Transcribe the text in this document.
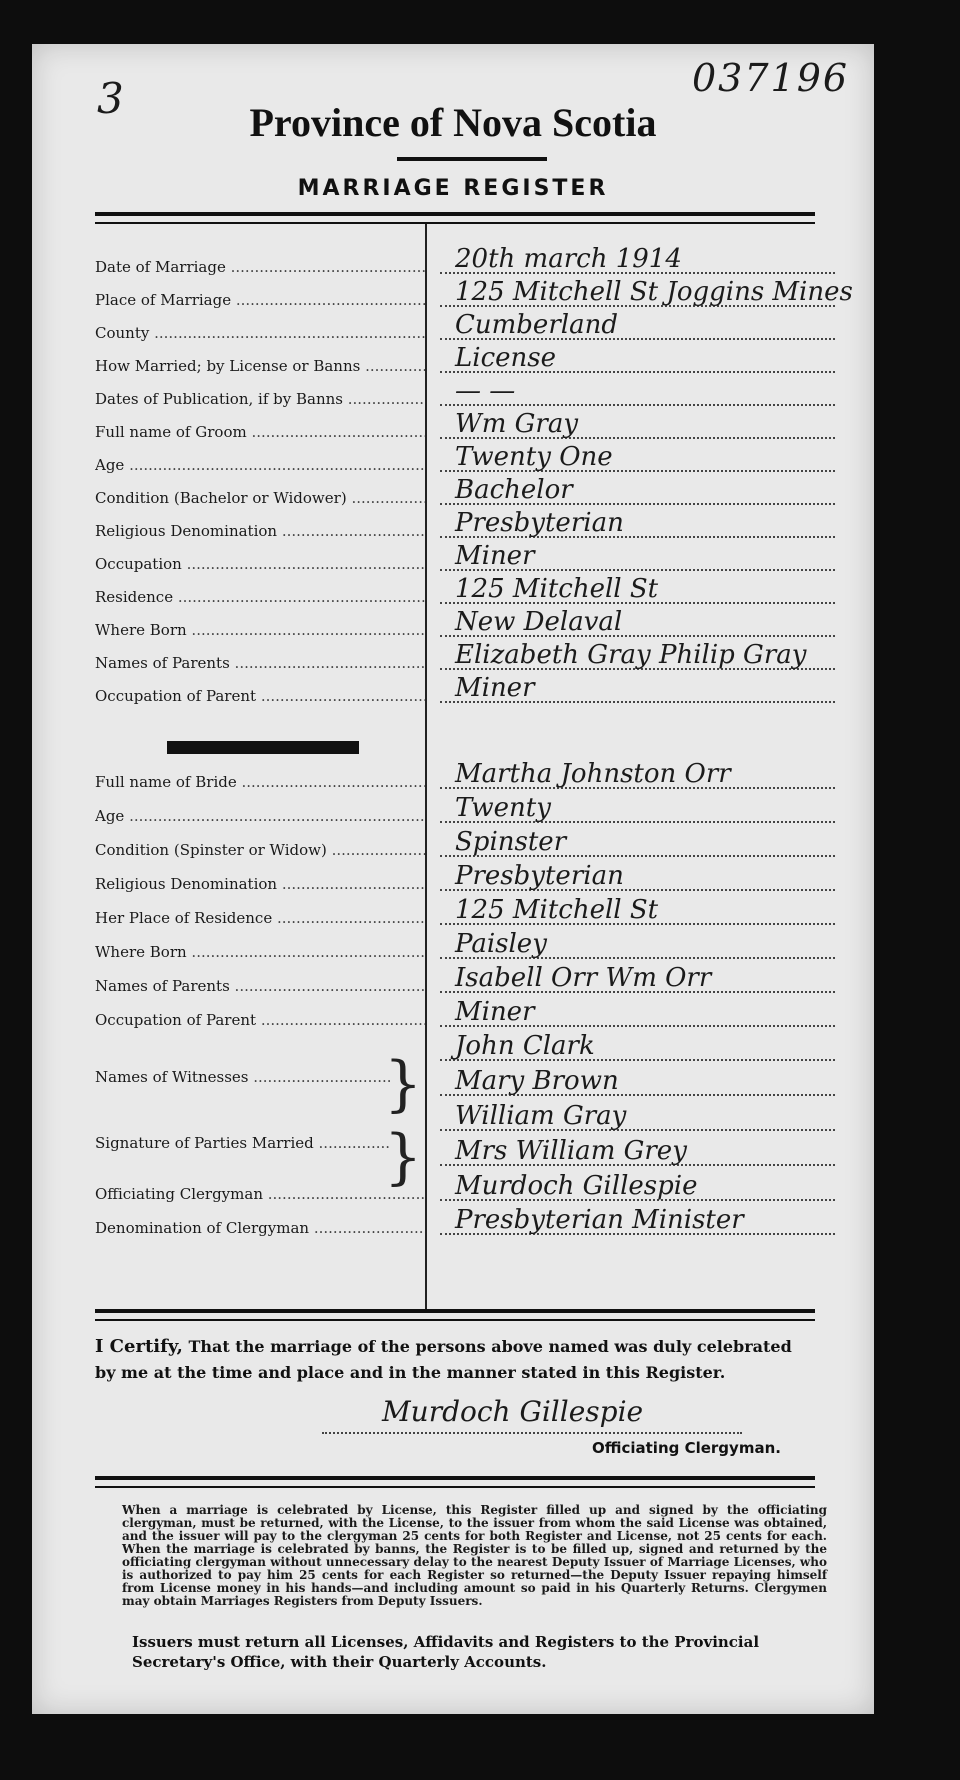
3	037196
Province of Nova Scotia
MARRIAGE REGISTER
Date of Marriage .....	20th march 1914
Place of Marriage .....	125 Mitchell St Joggins Mines
County .....	Cumberland
How Married; by License or Banns .....	License
Dates of Publication, if by Banns .....	— —
Full name of Groom .....	Wm Gray
Age .....	Twenty One
Condition (Bachelor or Widower) .....	Bachelor
Religious Denomination .....	Presbyterian
Occupation .....	Miner
Residence .....	125 Mitchell St
Where Born .....	New Delaval
Names of Parents .....	Elizabeth Gray Philip Gray
Occupation of Parent .....	Miner
Full name of Bride .....	Martha Johnston Orr
Age .....	Twenty
Condition (Spinster or Widow) .....	Spinster
Religious Denomination .....	Presbyterian
Her Place of Residence .....	125 Mitchell St
Where Born .....	Paisley
Names of Parents .....	Isabell Orr Wm Orr
Occupation of Parent .....	Miner
John Clark
Names of Witnesses .....	Mary Brown
William Gray
Signature of Parties Married .....	Mrs William Grey
Officiating Clergyman .....	Murdoch Gillespie
Denomination of Clergyman .....	Presbyterian Minister
}
}
I Certify, That the marriage of the persons above named was duly celebrated by me at the time and place and in the manner stated in this Register.
Murdoch Gillespie
Officiating Clergyman.
When a marriage is celebrated by License, this Register filled up and signed by the officiating clergyman, must be returned, with the License, to the issuer from whom the said License was obtained, and the issuer will pay to the clergyman 25 cents for both Register and License, not 25 cents for each. When the marriage is celebrated by banns, the Register is to be filled up, signed and returned by the officiating clergyman without unnecessary delay to the nearest Deputy Issuer of Marriage Licenses, who is authorized to pay him 25 cents for each Register so returned—the Deputy Issuer repaying himself from License money in his hands—and including amount so paid in his Quarterly Returns. Clergymen may obtain Marriages Registers from Deputy Issuers.
Issuers must return all Licenses, Affidavits and Registers to the Provincial Secretary's Office, with their Quarterly Accounts.
